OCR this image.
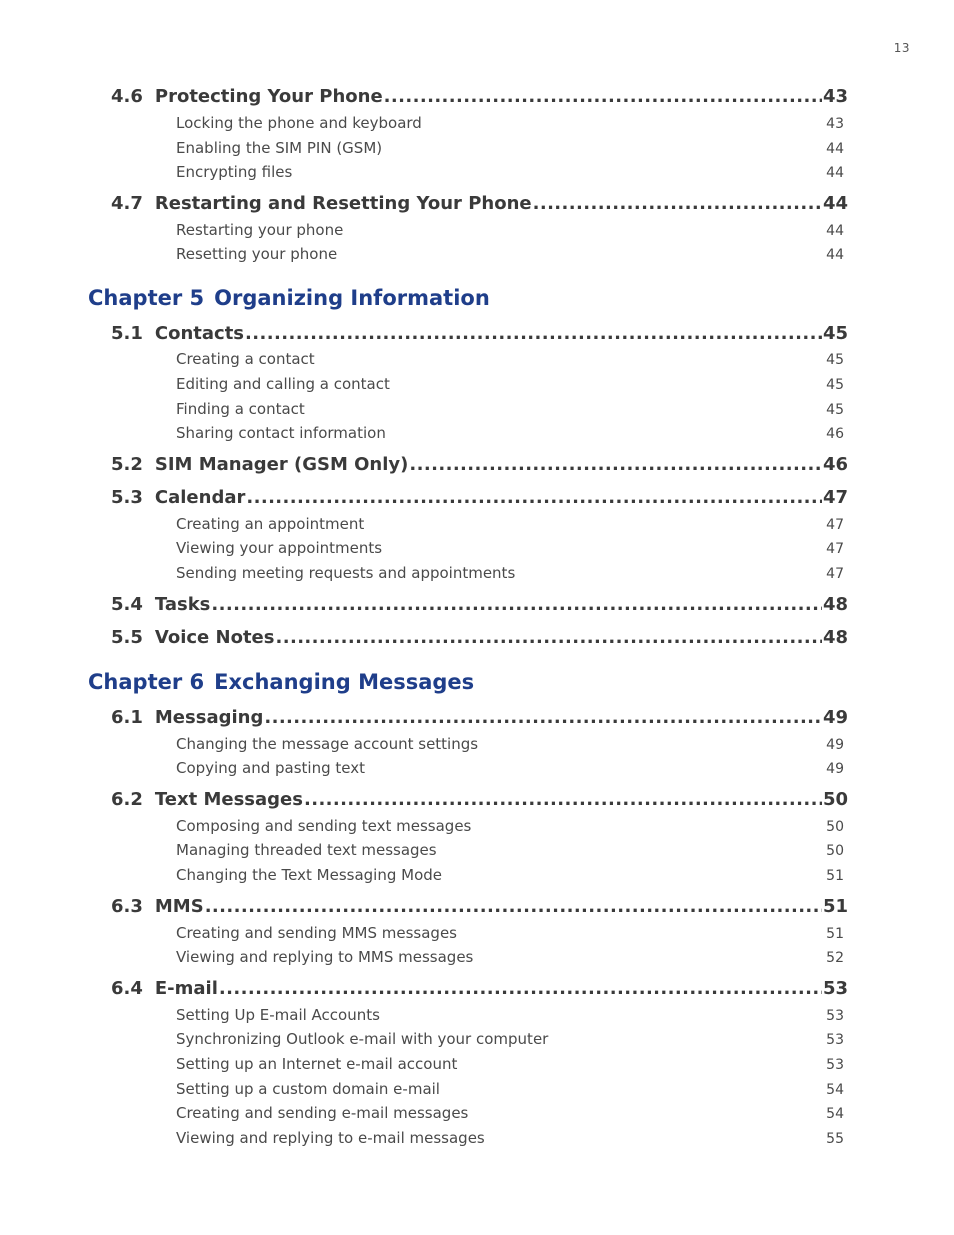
13
4.6 Protecting Your Phone .....	43
Locking the phone and keyboard .....	43
Enabling the SIM PIN (GSM) .....	44
Encrypting files .....	44
4.7 Restarting and Resetting Your Phone .....	44
Restarting your phone .....	44
Resetting your phone .....	44
Chapter 5 Organizing Information
5.1 Contacts .....	45
Creating a contact .....	45
Editing and calling a contact .....	45
Finding a contact .....	45
Sharing contact information .....	46
5.2 SIM Manager (GSM Only) .....	46
5.3 Calendar .....	47
Creating an appointment .....	47
Viewing your appointments .....	47
Sending meeting requests and appointments .....	47
5.4 Tasks .....	48
5.5 Voice Notes .....	48
Chapter 6 Exchanging Messages
6.1 Messaging .....	49
Changing the message account settings .....	49
Copying and pasting text .....	49
6.2 Text Messages .....	50
Composing and sending text messages .....	50
Managing threaded text messages .....	50
Changing the Text Messaging Mode .....	51
6.3 MMS .....	51
Creating and sending MMS messages .....	51
Viewing and replying to MMS messages .....	52
6.4 E-mail .....	53
Setting Up E-mail Accounts .....	53
Synchronizing Outlook e-mail with your computer .....	53
Setting up an Internet e-mail account .....	53
Setting up a custom domain e-mail .....	54
Creating and sending e-mail messages .....	54
Viewing and replying to e-mail messages .....	55
